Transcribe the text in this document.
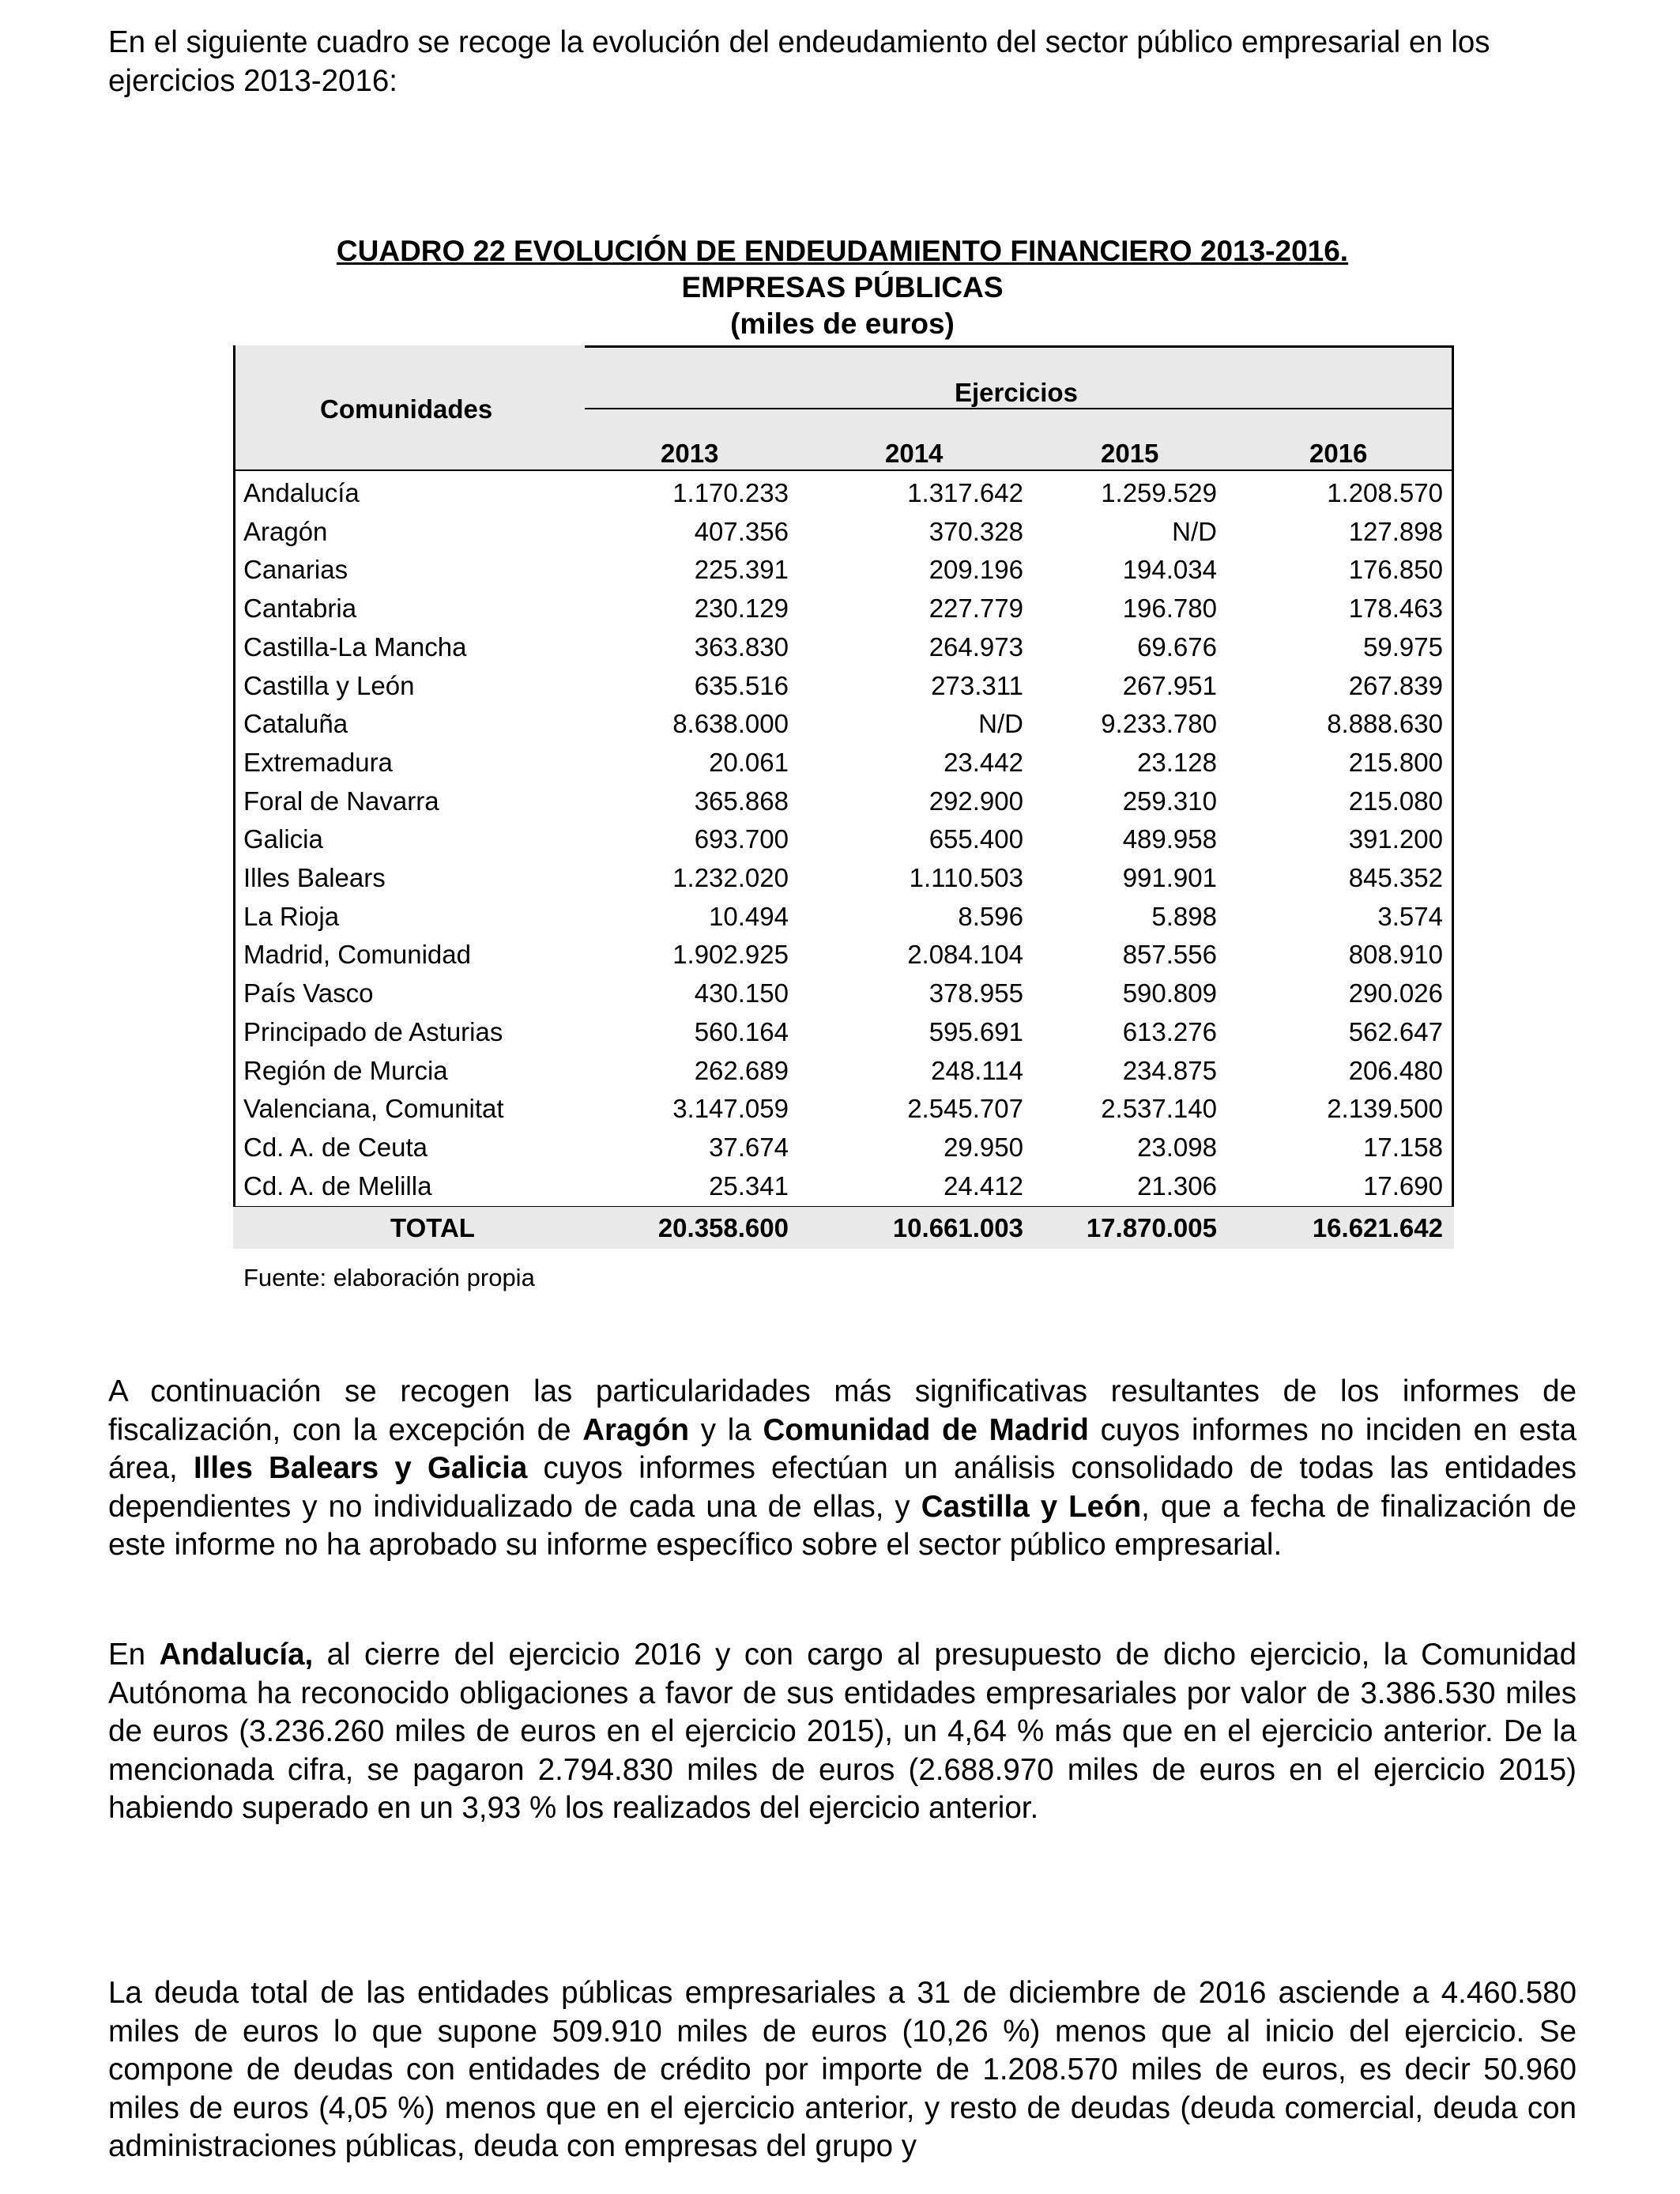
En el siguiente cuadro se recoge la evolución del endeudamiento del sector público empresarial en los ejercicios 2013-2016:
CUADRO 22 EVOLUCIÓN DE ENDEUDAMIENTO FINANCIERO 2013-2016.
EMPRESAS PÚBLICAS
(miles de euros)
Comunidades
Ejercicios
2013	2014	2015	2016
Andalucía	1.170.233	1.317.642	1.259.529	1.208.570
Aragón	407.356	370.328	N/D	127.898
Canarias	225.391	209.196	194.034	176.850
Cantabria	230.129	227.779	196.780	178.463
Castilla-La Mancha	363.830	264.973	69.676	59.975
Castilla y León	635.516	273.311	267.951	267.839
Cataluña	8.638.000	N/D	9.233.780	8.888.630
Extremadura	20.061	23.442	23.128	215.800
Foral de Navarra	365.868	292.900	259.310	215.080
Galicia	693.700	655.400	489.958	391.200
Illes Balears	1.232.020	1.110.503	991.901	845.352
La Rioja	10.494	8.596	5.898	3.574
Madrid, Comunidad	1.902.925	2.084.104	857.556	808.910
País Vasco	430.150	378.955	590.809	290.026
Principado de Asturias	560.164	595.691	613.276	562.647
Región de Murcia	262.689	248.114	234.875	206.480
Valenciana, Comunitat	3.147.059	2.545.707	2.537.140	2.139.500
Cd. A. de Ceuta	37.674	29.950	23.098	17.158
Cd. A. de Melilla	25.341	24.412	21.306	17.690
TOTAL	20.358.600	10.661.003	17.870.005	16.621.642
Fuente: elaboración propia
A continuación se recogen las particularidades más significativas resultantes de los informes de fiscalización, con la excepción de Aragón y la Comunidad de Madrid cuyos informes no inciden en esta área, Illes Balears y Galicia cuyos informes efectúan un análisis consolidado de todas las entidades dependientes y no individualizado de cada una de ellas, y Castilla y León, que a fecha de finalización de este informe no ha aprobado su informe específico sobre el sector público empresarial.
En Andalucía, al cierre del ejercicio 2016 y con cargo al presupuesto de dicho ejercicio, la Comunidad Autónoma ha reconocido obligaciones a favor de sus entidades empresariales por valor de 3.386.530 miles de euros (3.236.260 miles de euros en el ejercicio 2015), un 4,64 % más que en el ejercicio anterior. De la mencionada cifra, se pagaron 2.794.830 miles de euros (2.688.970 miles de euros en el ejercicio 2015) habiendo superado en un 3,93 % los realizados del ejercicio anterior.
La deuda total de las entidades públicas empresariales a 31 de diciembre de 2016 asciende a 4.460.580 miles de euros lo que supone 509.910 miles de euros (10,26 %) menos que al inicio del ejercicio. Se compone de deudas con entidades de crédito por importe de 1.208.570 miles de euros, es decir 50.960 miles de euros (4,05 %) menos que en el ejercicio anterior, y resto de deudas (deuda comercial, deuda con administraciones públicas, deuda con empresas del grupo y
